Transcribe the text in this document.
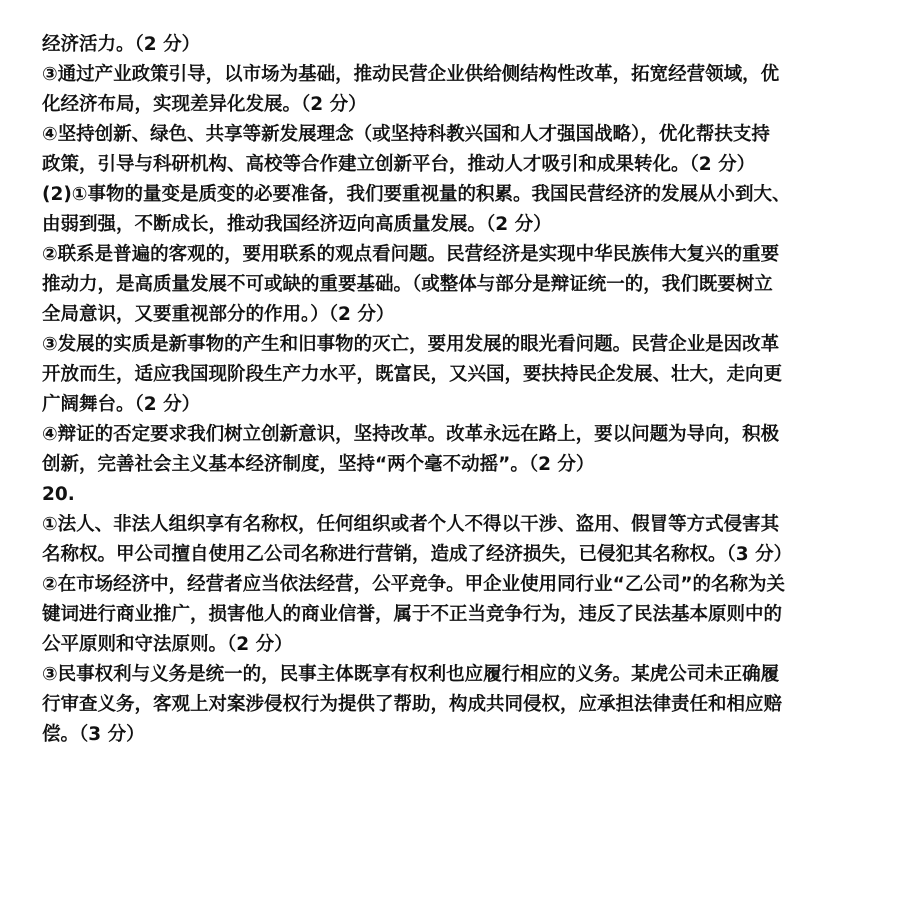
经济活力。（2 分）
③通过产业政策引导，以市场为基础，推动民营企业供给侧结构性改革，拓宽经营领域，优
化经济布局，实现差异化发展。（2 分）
④坚持创新、绿色、共享等新发展理念（或坚持科教兴国和人才强国战略），优化帮扶支持
政策，引导与科研机构、高校等合作建立创新平台，推动人才吸引和成果转化。（2 分）
(2)①事物的量变是质变的必要准备，我们要重视量的积累。我国民营经济的发展从小到大、
由弱到强，不断成长，推动我国经济迈向高质量发展。（2 分）
②联系是普遍的客观的，要用联系的观点看问题。民营经济是实现中华民族伟大复兴的重要
推动力，是高质量发展不可或缺的重要基础。（或整体与部分是辩证统一的，我们既要树立
全局意识，又要重视部分的作用。）（2 分）
③发展的实质是新事物的产生和旧事物的灭亡，要用发展的眼光看问题。民营企业是因改革
开放而生，适应我国现阶段生产力水平，既富民，又兴国，要扶持民企发展、壮大，走向更
广阔舞台。（2 分）
④辩证的否定要求我们树立创新意识，坚持改革。改革永远在路上，要以问题为导向，积极
创新，完善社会主义基本经济制度，坚持“两个毫不动摇”。（2 分）
20.
①法人、非法人组织享有名称权，任何组织或者个人不得以干涉、盗用、假冒等方式侵害其
名称权。甲公司擅自使用乙公司名称进行营销，造成了经济损失，已侵犯其名称权。（3 分）
②在市场经济中，经营者应当依法经营，公平竞争。甲企业使用同行业“乙公司”的名称为关
键词进行商业推广，损害他人的商业信誉，属于不正当竞争行为，违反了民法基本原则中的
公平原则和守法原则。（2 分）
③民事权利与义务是统一的，民事主体既享有权利也应履行相应的义务。某虎公司未正确履
行审查义务，客观上对案涉侵权行为提供了帮助，构成共同侵权，应承担法律责任和相应赔
偿。（3 分）
